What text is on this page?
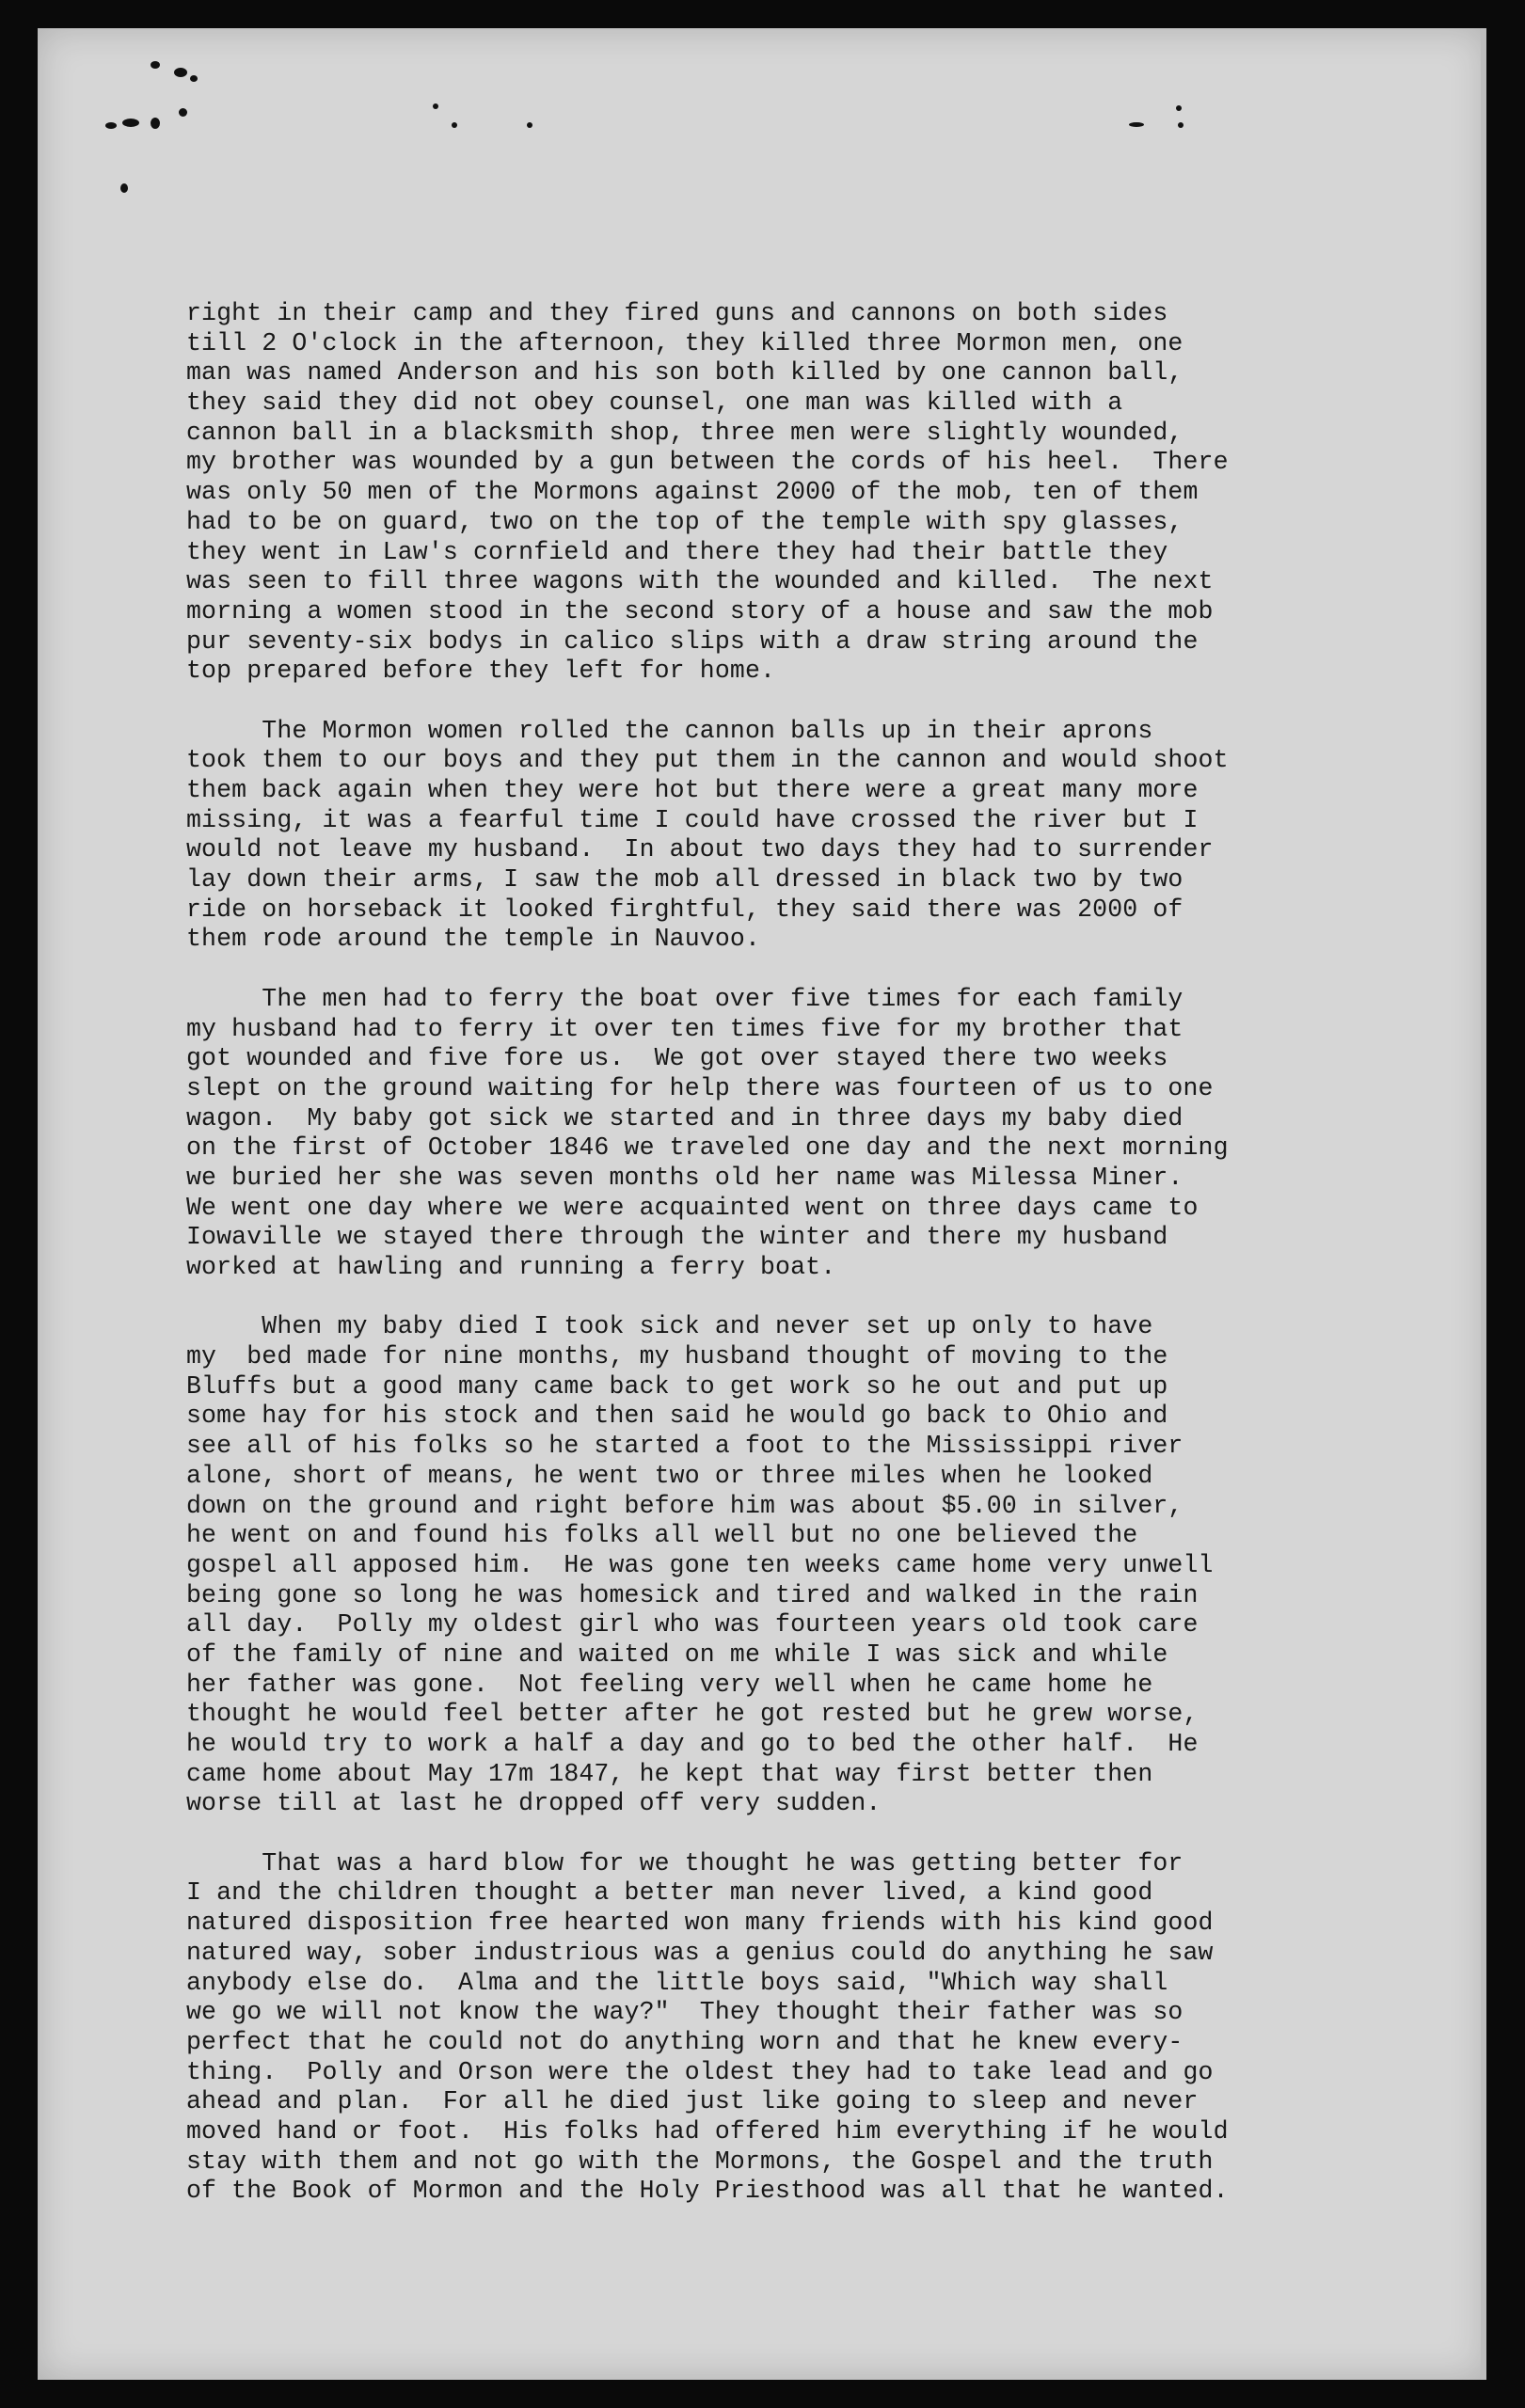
right in their camp and they fired guns and cannons on both sides
till 2 O'clock in the afternoon, they killed three Mormon men, one
man was named Anderson and his son both killed by one cannon ball,
they said they did not obey counsel, one man was killed with a
cannon ball in a blacksmith shop, three men were slightly wounded,
my brother was wounded by a gun between the cords of his heel.  There
was only 50 men of the Mormons against 2000 of the mob, ten of them
had to be on guard, two on the top of the temple with spy glasses,
they went in Law's cornfield and there they had their battle they
was seen to fill three wagons with the wounded and killed.  The next
morning a women stood in the second story of a house and saw the mob
pur seventy-six bodys in calico slips with a draw string around the
top prepared before they left for home.
The Mormon women rolled the cannon balls up in their aprons
took them to our boys and they put them in the cannon and would shoot
them back again when they were hot but there were a great many more
missing, it was a fearful time I could have crossed the river but I
would not leave my husband.  In about two days they had to surrender
lay down their arms, I saw the mob all dressed in black two by two
ride on horseback it looked firghtful, they said there was 2000 of
them rode around the temple in Nauvoo.
The men had to ferry the boat over five times for each family
my husband had to ferry it over ten times five for my brother that
got wounded and five fore us.  We got over stayed there two weeks
slept on the ground waiting for help there was fourteen of us to one
wagon.  My baby got sick we started and in three days my baby died
on the first of October 1846 we traveled one day and the next morning
we buried her she was seven months old her name was Milessa Miner.
We went one day where we were acquainted went on three days came to
Iowaville we stayed there through the winter and there my husband
worked at hawling and running a ferry boat.
When my baby died I took sick and never set up only to have
my  bed made for nine months, my husband thought of moving to the
Bluffs but a good many came back to get work so he out and put up
some hay for his stock and then said he would go back to Ohio and
see all of his folks so he started a foot to the Mississippi river
alone, short of means, he went two or three miles when he looked
down on the ground and right before him was about $5.00 in silver,
he went on and found his folks all well but no one believed the
gospel all apposed him.  He was gone ten weeks came home very unwell
being gone so long he was homesick and tired and walked in the rain
all day.  Polly my oldest girl who was fourteen years old took care
of the family of nine and waited on me while I was sick and while
her father was gone.  Not feeling very well when he came home he
thought he would feel better after he got rested but he grew worse,
he would try to work a half a day and go to bed the other half.  He
came home about May 17m 1847, he kept that way first better then
worse till at last he dropped off very sudden.
That was a hard blow for we thought he was getting better for
I and the children thought a better man never lived, a kind good
natured disposition free hearted won many friends with his kind good
natured way, sober industrious was a genius could do anything he saw
anybody else do.  Alma and the little boys said, "Which way shall
we go we will not know the way?"  They thought their father was so
perfect that he could not do anything worn and that he knew every-
thing.  Polly and Orson were the oldest they had to take lead and go
ahead and plan.  For all he died just like going to sleep and never
moved hand or foot.  His folks had offered him everything if he would
stay with them and not go with the Mormons, the Gospel and the truth
of the Book of Mormon and the Holy Priesthood was all that he wanted.
